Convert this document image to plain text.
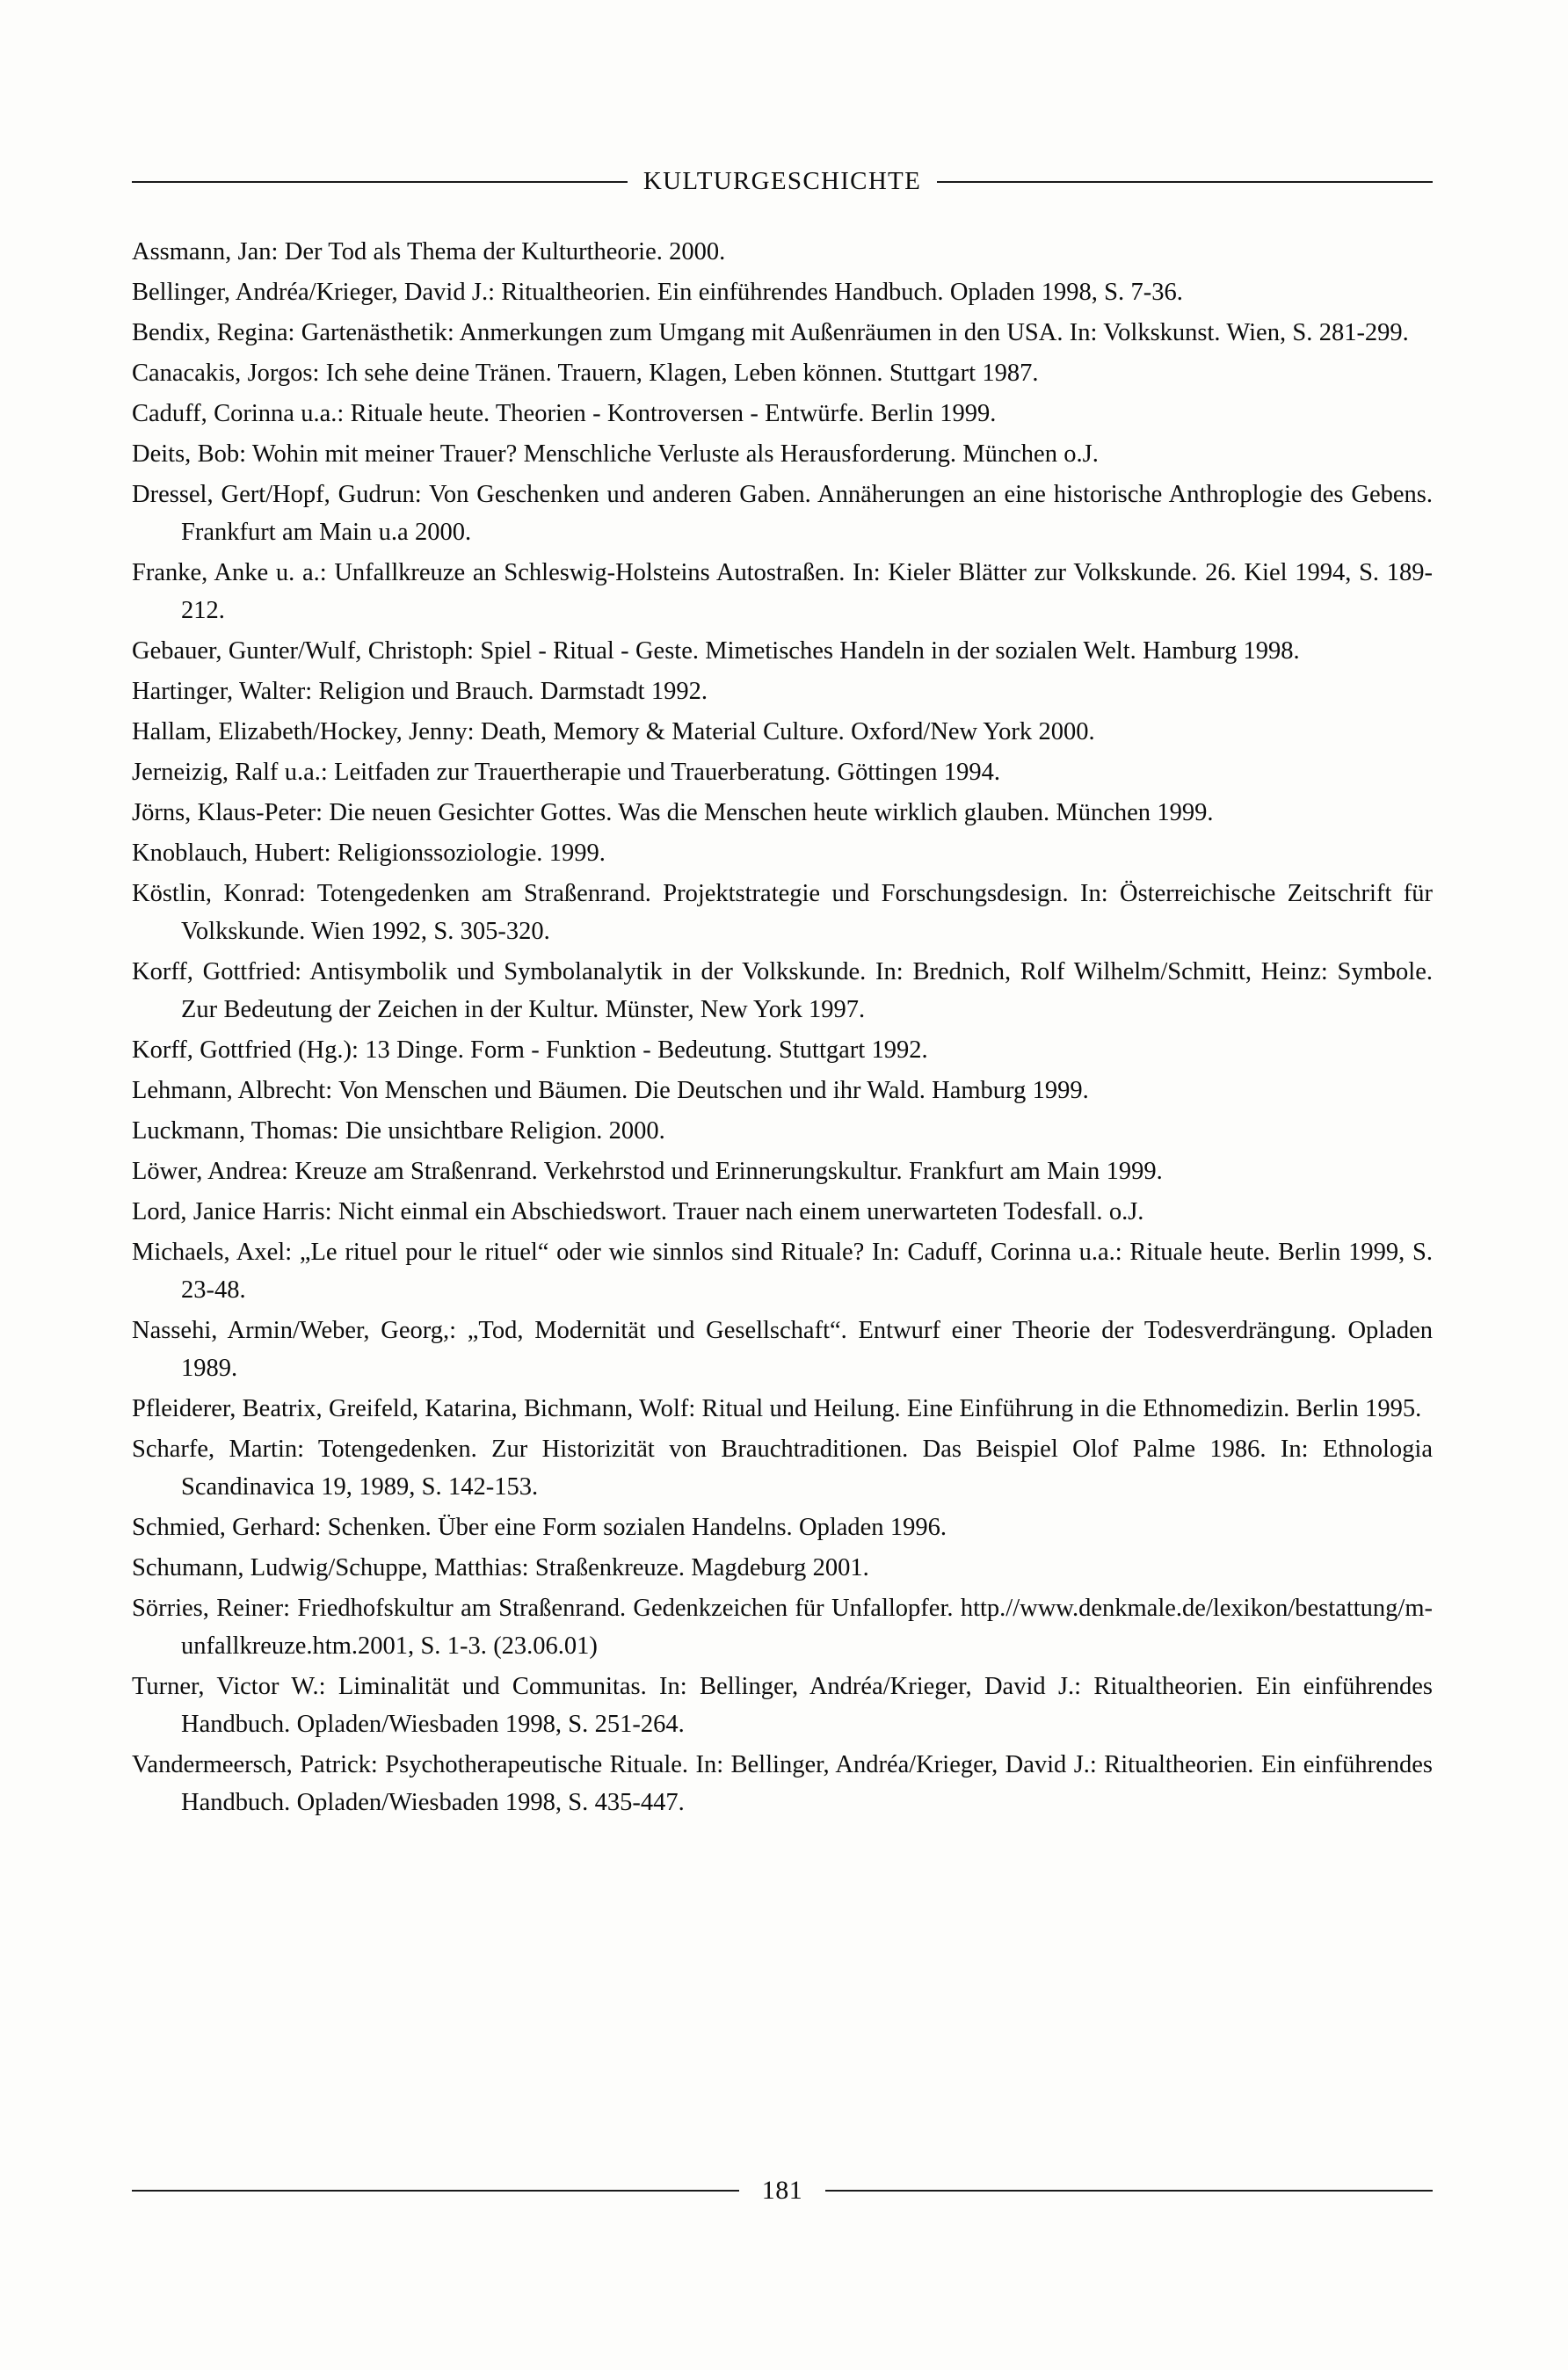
KULTURGESCHICHTE

Assmann, Jan: Der Tod als Thema der Kulturtheorie. 2000.

Bellinger, Andréa/Krieger, David J.: Ritualtheorien. Ein einführendes Handbuch. Opladen 1998, S. 7-36.

Bendix, Regina: Gartenästhetik: Anmerkungen zum Umgang mit Außenräumen in den USA. In: Volkskunst. Wien, S. 281-299.

Canacakis, Jorgos: Ich sehe deine Tränen. Trauern, Klagen, Leben können. Stuttgart 1987.

Caduff, Corinna u.a.: Rituale heute. Theorien - Kontroversen - Entwürfe. Berlin 1999.

Deits, Bob: Wohin mit meiner Trauer? Menschliche Verluste als Herausforderung. München o.J.

Dressel, Gert/Hopf, Gudrun: Von Geschenken und anderen Gaben. Annäherungen an eine historische Anthroplogie des Gebens. Frankfurt am Main u.a 2000.

Franke, Anke u. a.: Unfallkreuze an Schleswig-Holsteins Autostraßen. In: Kieler Blätter zur Volkskunde. 26. Kiel 1994, S. 189-212.

Gebauer, Gunter/Wulf, Christoph: Spiel - Ritual - Geste. Mimetisches Handeln in der sozialen Welt. Hamburg 1998.

Hartinger, Walter: Religion und Brauch. Darmstadt 1992.

Hallam, Elizabeth/Hockey, Jenny: Death, Memory & Material Culture. Oxford/New York 2000.

Jerneizig, Ralf u.a.: Leitfaden zur Trauertherapie und Trauerberatung. Göttingen 1994.

Jörns, Klaus-Peter: Die neuen Gesichter Gottes. Was die Menschen heute wirklich glauben. München 1999.

Knoblauch, Hubert: Religionssoziologie. 1999.

Köstlin, Konrad: Totengedenken am Straßenrand. Projektstrategie und Forschungsdesign. In: Österreichische Zeitschrift für Volkskunde. Wien 1992, S. 305-320.

Korff, Gottfried: Antisymbolik und Symbolanalytik in der Volkskunde. In: Brednich, Rolf Wilhelm/Schmitt, Heinz: Symbole. Zur Bedeutung der Zeichen in der Kultur. Münster, New York 1997.

Korff, Gottfried (Hg.): 13 Dinge. Form - Funktion - Bedeutung. Stuttgart 1992.

Lehmann, Albrecht: Von Menschen und Bäumen. Die Deutschen und ihr Wald. Hamburg 1999.

Luckmann, Thomas: Die unsichtbare Religion. 2000.

Löwer, Andrea: Kreuze am Straßenrand. Verkehrstod und Erinnerungskultur. Frankfurt am Main 1999.

Lord, Janice Harris: Nicht einmal ein Abschiedswort. Trauer nach einem unerwarteten Todesfall. o.J.

Michaels, Axel: „Le rituel pour le rituel“ oder wie sinnlos sind Rituale? In: Caduff, Corinna u.a.: Rituale heute. Berlin 1999, S. 23-48.

Nassehi, Armin/Weber, Georg,: „Tod, Modernität und Gesellschaft“. Entwurf einer Theorie der Todesverdrängung. Opladen 1989.

Pfleiderer, Beatrix, Greifeld, Katarina, Bichmann, Wolf: Ritual und Heilung. Eine Einführung in die Ethnomedizin. Berlin 1995.

Scharfe, Martin: Totengedenken. Zur Historizität von Brauchtraditionen. Das Beispiel Olof Palme 1986. In: Ethnologia Scandinavica 19, 1989, S. 142-153.

Schmied, Gerhard: Schenken. Über eine Form sozialen Handelns. Opladen 1996.

Schumann, Ludwig/Schuppe, Matthias: Straßenkreuze. Magdeburg 2001.

Sörries, Reiner: Friedhofskultur am Straßenrand. Gedenkzeichen für Unfallopfer. http.//www.denkmale.de/lexikon/bestattung/m-unfallkreuze.htm.2001, S. 1-3. (23.06.01)

Turner, Victor W.: Liminalität und Communitas. In: Bellinger, Andréa/Krieger, David J.: Ritualtheorien. Ein einführendes Handbuch. Opladen/Wiesbaden 1998, S. 251-264.

Vandermeersch, Patrick: Psychotherapeutische Rituale. In: Bellinger, Andréa/Krieger, David J.: Ritualtheorien. Ein einführendes Handbuch. Opladen/Wiesbaden 1998, S. 435-447.

181
